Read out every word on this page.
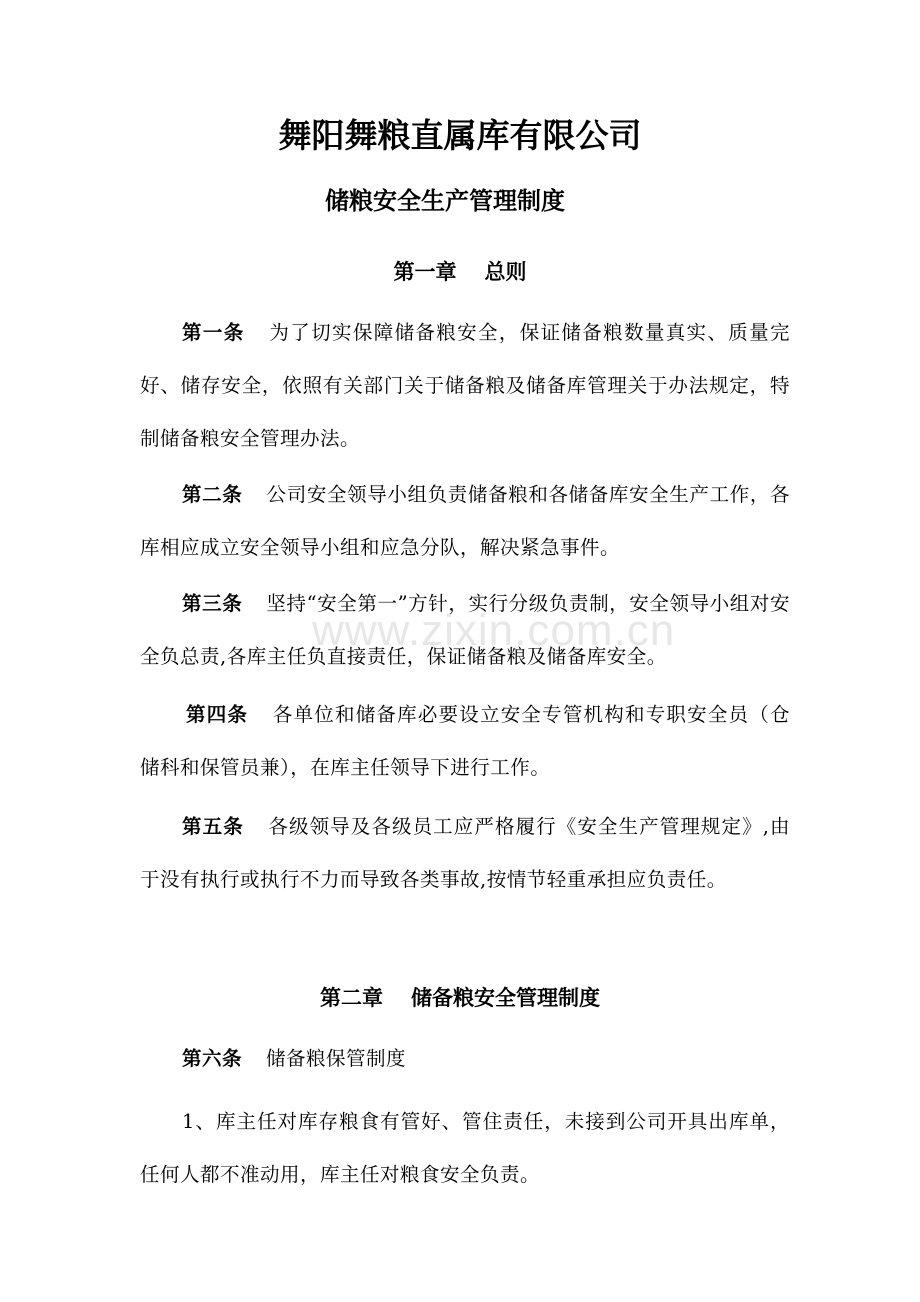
www.zixin.com.cn
舞阳舞粮直属库有限公司
储粮安全生产管理制度
第一章 总则
第一条 为了切实保障储备粮安全，保证储备粮数量真实、质量完好、储存安全，依照有关部门关于储备粮及储备库管理关于办法规定，特制储备粮安全管理办法。
第二条 公司安全领导小组负责储备粮和各储备库安全生产工作，各库相应成立安全领导小组和应急分队，解决紧急事件。
第三条 坚持“安全第一”方针，实行分级负责制，安全领导小组对安全负总责,各库主任负直接责任，保证储备粮及储备库安全。
第四条 各单位和储备库必要设立安全专管机构和专职安全员（仓储科和保管员兼），在库主任领导下进行工作。
第五条 各级领导及各级员工应严格履行《安全生产管理规定》,由于没有执行或执行不力而导致各类事故,按情节轻重承担应负责任。
第二章 储备粮安全管理制度
第六条 储备粮保管制度
1、库主任对库存粮食有管好、管住责任，未接到公司开具出库单，任何人都不准动用，库主任对粮食安全负责。
